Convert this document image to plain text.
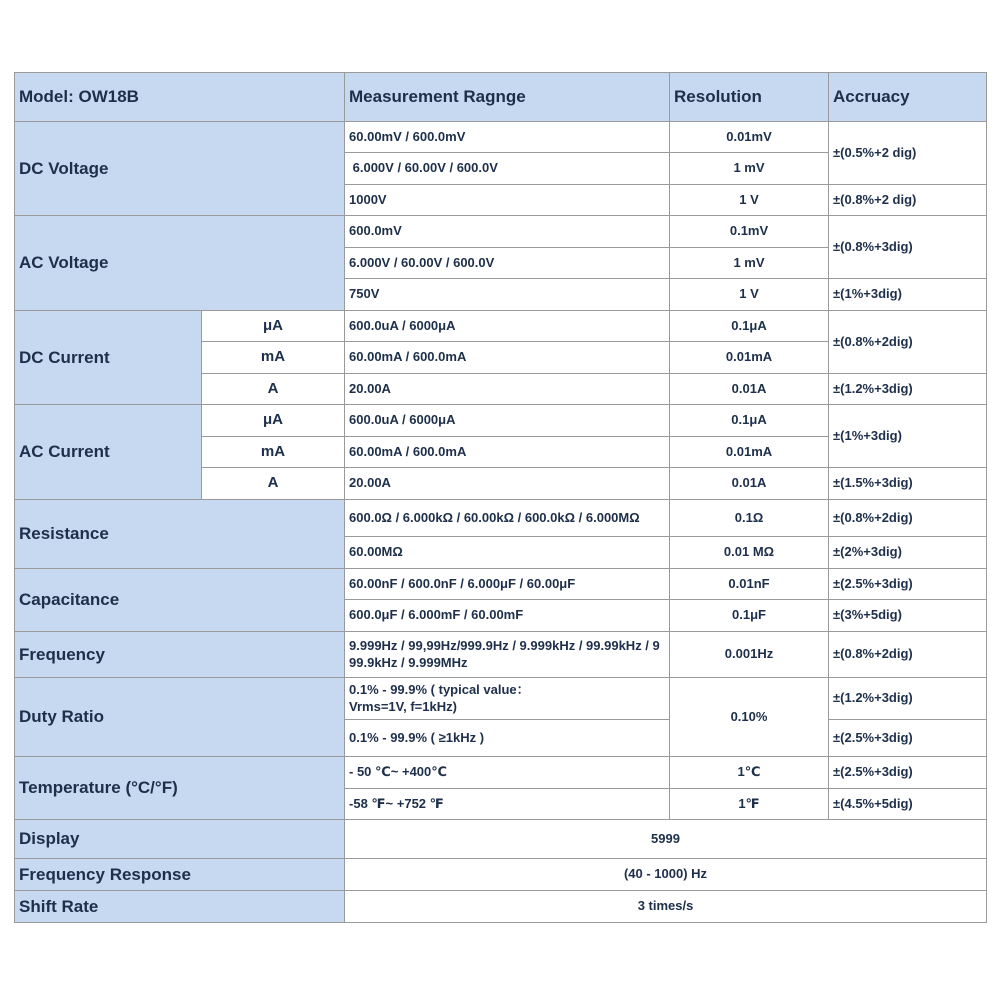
Model: OW18B		Measurement Ragnge	Resolution	Accruacy
DC Voltage		60.00mV / 600.0mV	0.01mV	±(0.5%+2 dig)
		6.000V / 60.00V / 600.0V	1 mV	
		1000V	1 V	±(0.8%+2 dig)
AC Voltage		600.0mV	0.1mV	±(0.8%+3dig)
		6.000V / 60.00V / 600.0V	1 mV	
		750V	1 V	±(1%+3dig)
DC Current	μA	600.0uA / 6000μA	0.1μA	±(0.8%+2dig)
	mA	60.00mA / 600.0mA	0.01mA	
	A	20.00A	0.01A	±(1.2%+3dig)
AC Current	μA	600.0uA / 6000μA	0.1μA	±(1%+3dig)
	mA	60.00mA / 600.0mA	0.01mA	
	A	20.00A	0.01A	±(1.5%+3dig)
Resistance		600.0Ω / 6.000kΩ / 60.00kΩ / 600.0kΩ / 6.000MΩ	0.1Ω	±(0.8%+2dig)
		60.00MΩ	0.01 MΩ	±(2%+3dig)
Capacitance		60.00nF / 600.0nF / 6.000μF / 60.00μF	0.01nF	±(2.5%+3dig)
		600.0μF / 6.000mF / 60.00mF	0.1μF	±(3%+5dig)
Frequency		9.999Hz / 99,99Hz/999.9Hz / 9.999kHz / 99.99kHz / 999.9kHz / 9.999MHz	0.001Hz	±(0.8%+2dig)
Duty Ratio		0.1% - 99.9% ( typical value：Vrms=1V, f=1kHz)	0.10%	±(1.2%+3dig)
		0.1% - 99.9% ( ≥1kHz )		±(2.5%+3dig)
Temperature (°C/°F)		- 50 ℃~ +400℃	1℃	±(2.5%+3dig)
		-58 ℉~ +752 ℉	1℉	±(4.5%+5dig)
Display		5999		
Frequency Response		(40 - 1000) Hz		
Shift Rate		3 times/s		
